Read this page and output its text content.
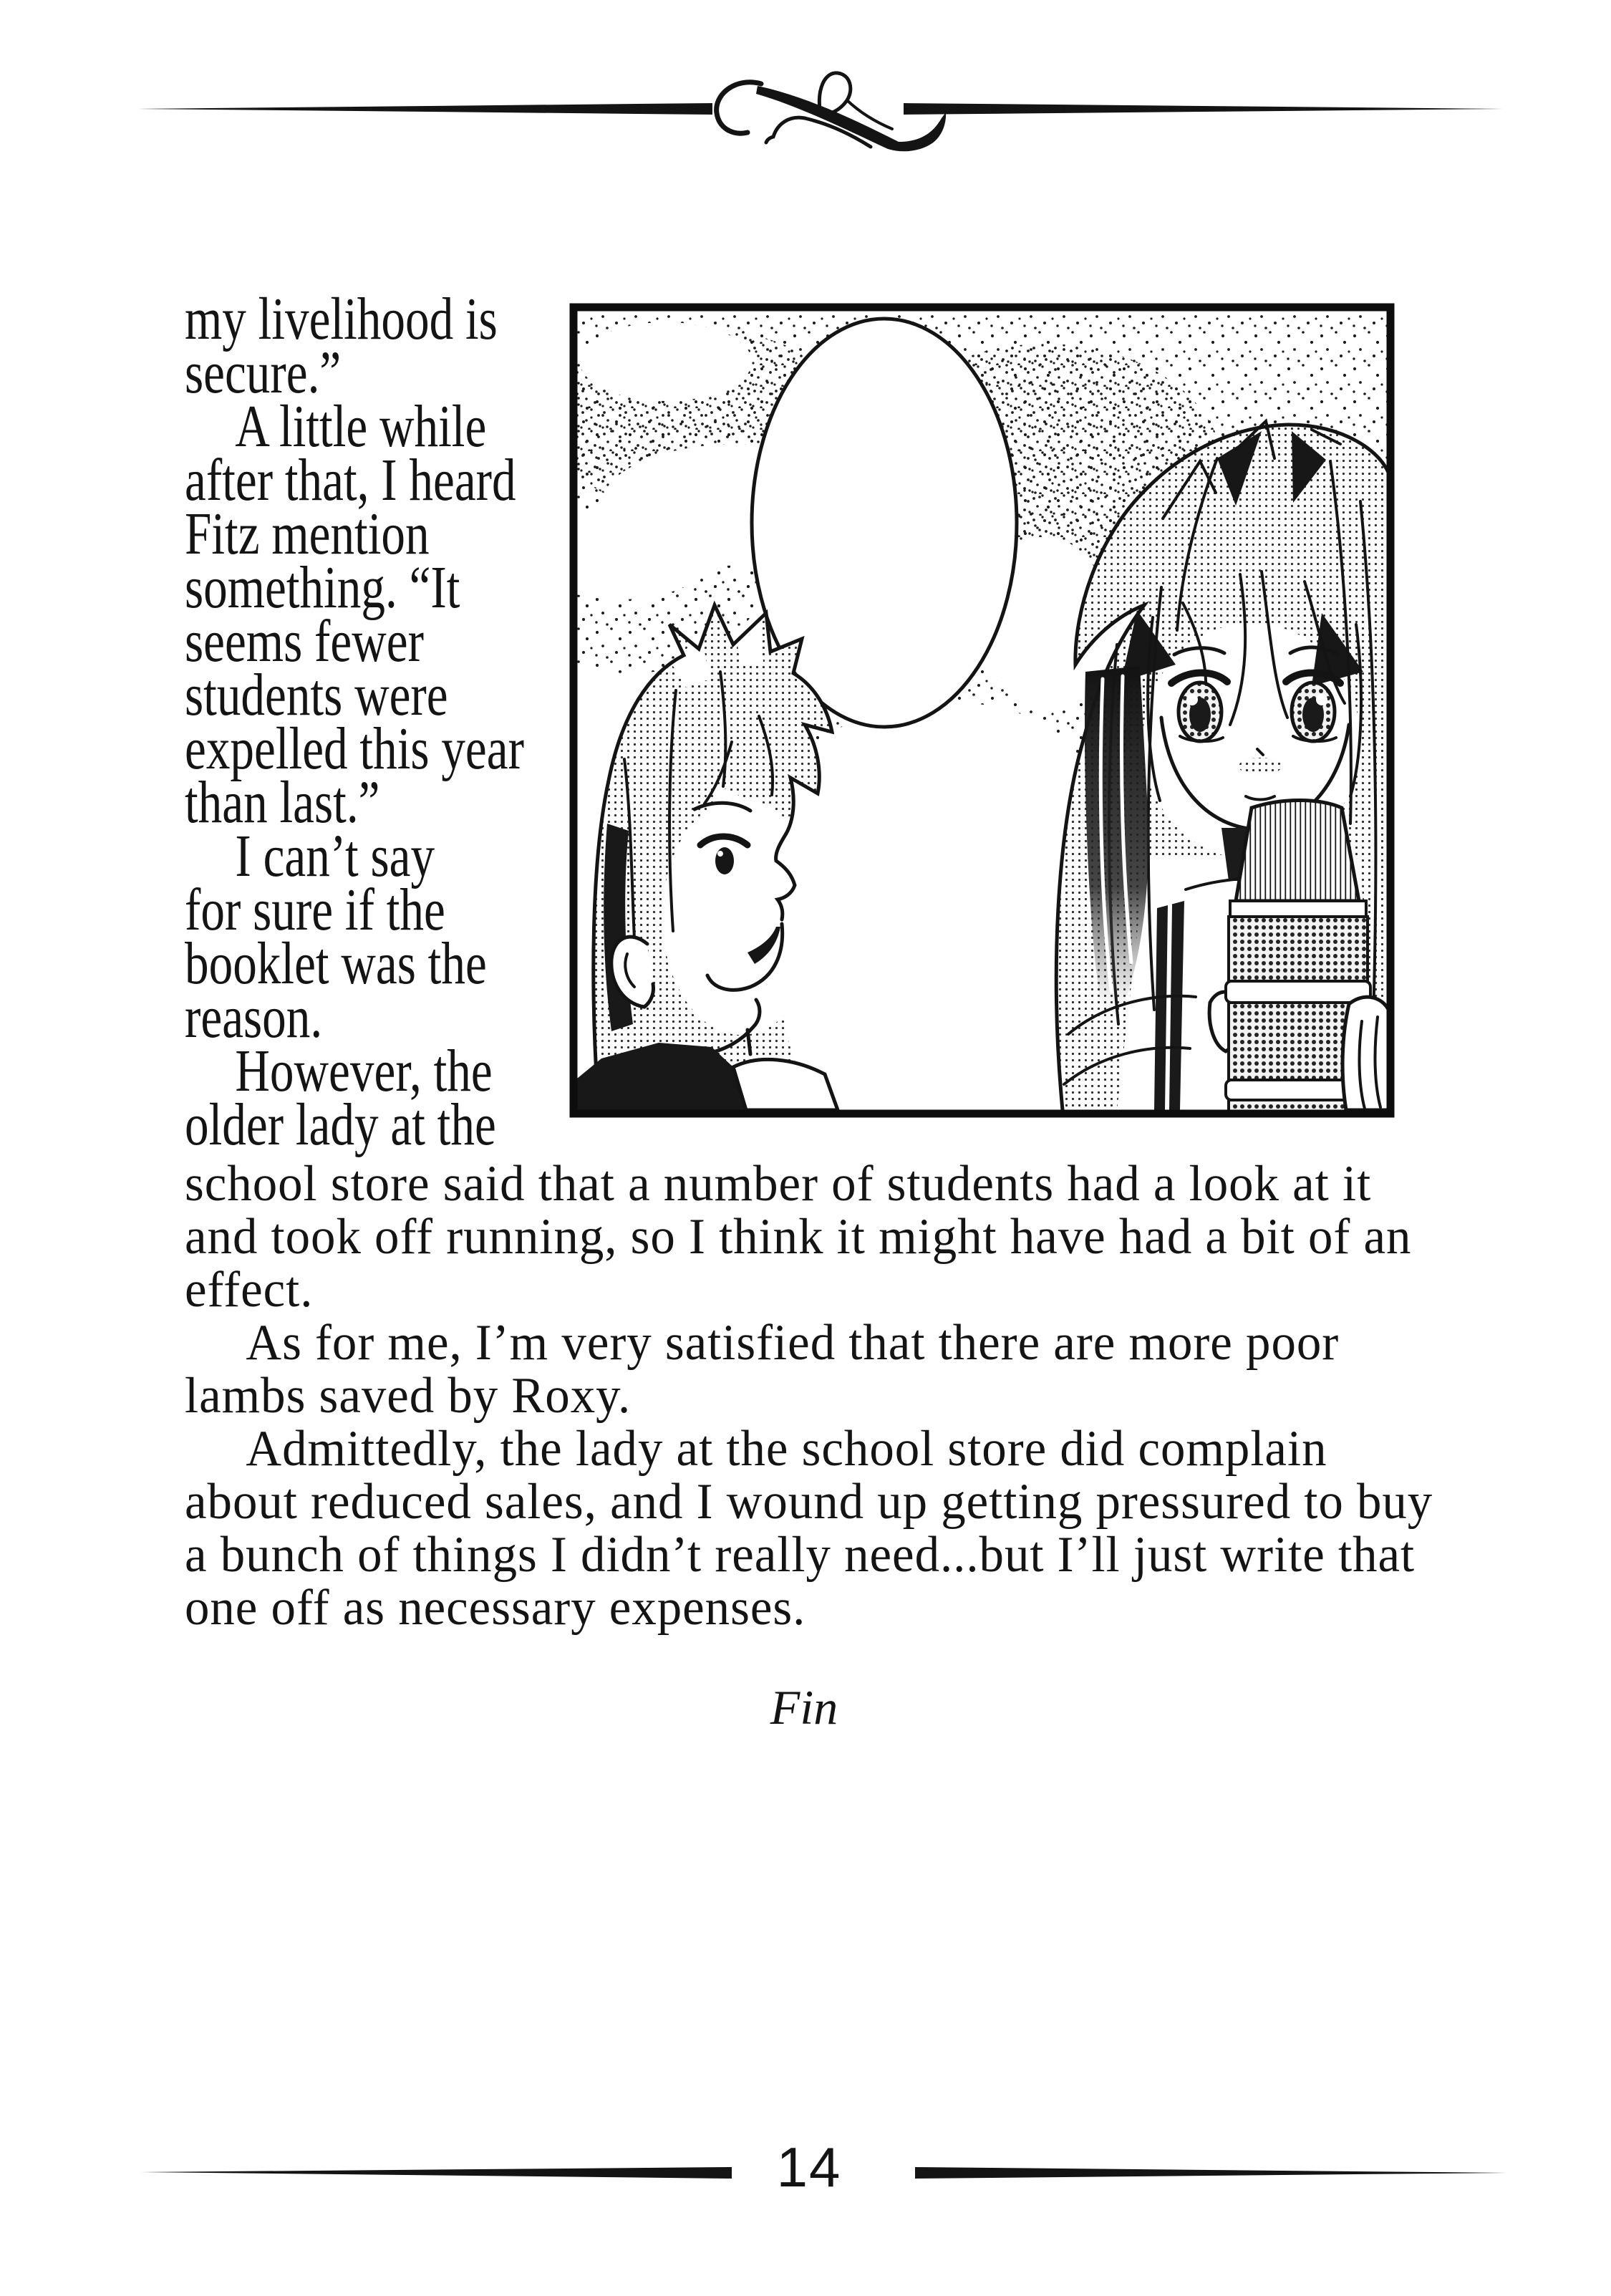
my livelihood is
secure.”
A little while
after that, I heard
Fitz mention
something. “It
seems fewer
students were
expelled this year
than last.”
I can’t say
for sure if the
booklet was the
reason.
However, the
older lady at the
school store said that a number of students had a look at it
and took off running, so I think it might have had a bit of an
effect.
As for me, I’m very satisfied that there are more poor
lambs saved by Roxy.
Admittedly, the lady at the school store did complain
about reduced sales, and I wound up getting pressured to buy
a bunch of things I didn’t really need...but I’ll just write that
one off as necessary expenses.
Fin
14
